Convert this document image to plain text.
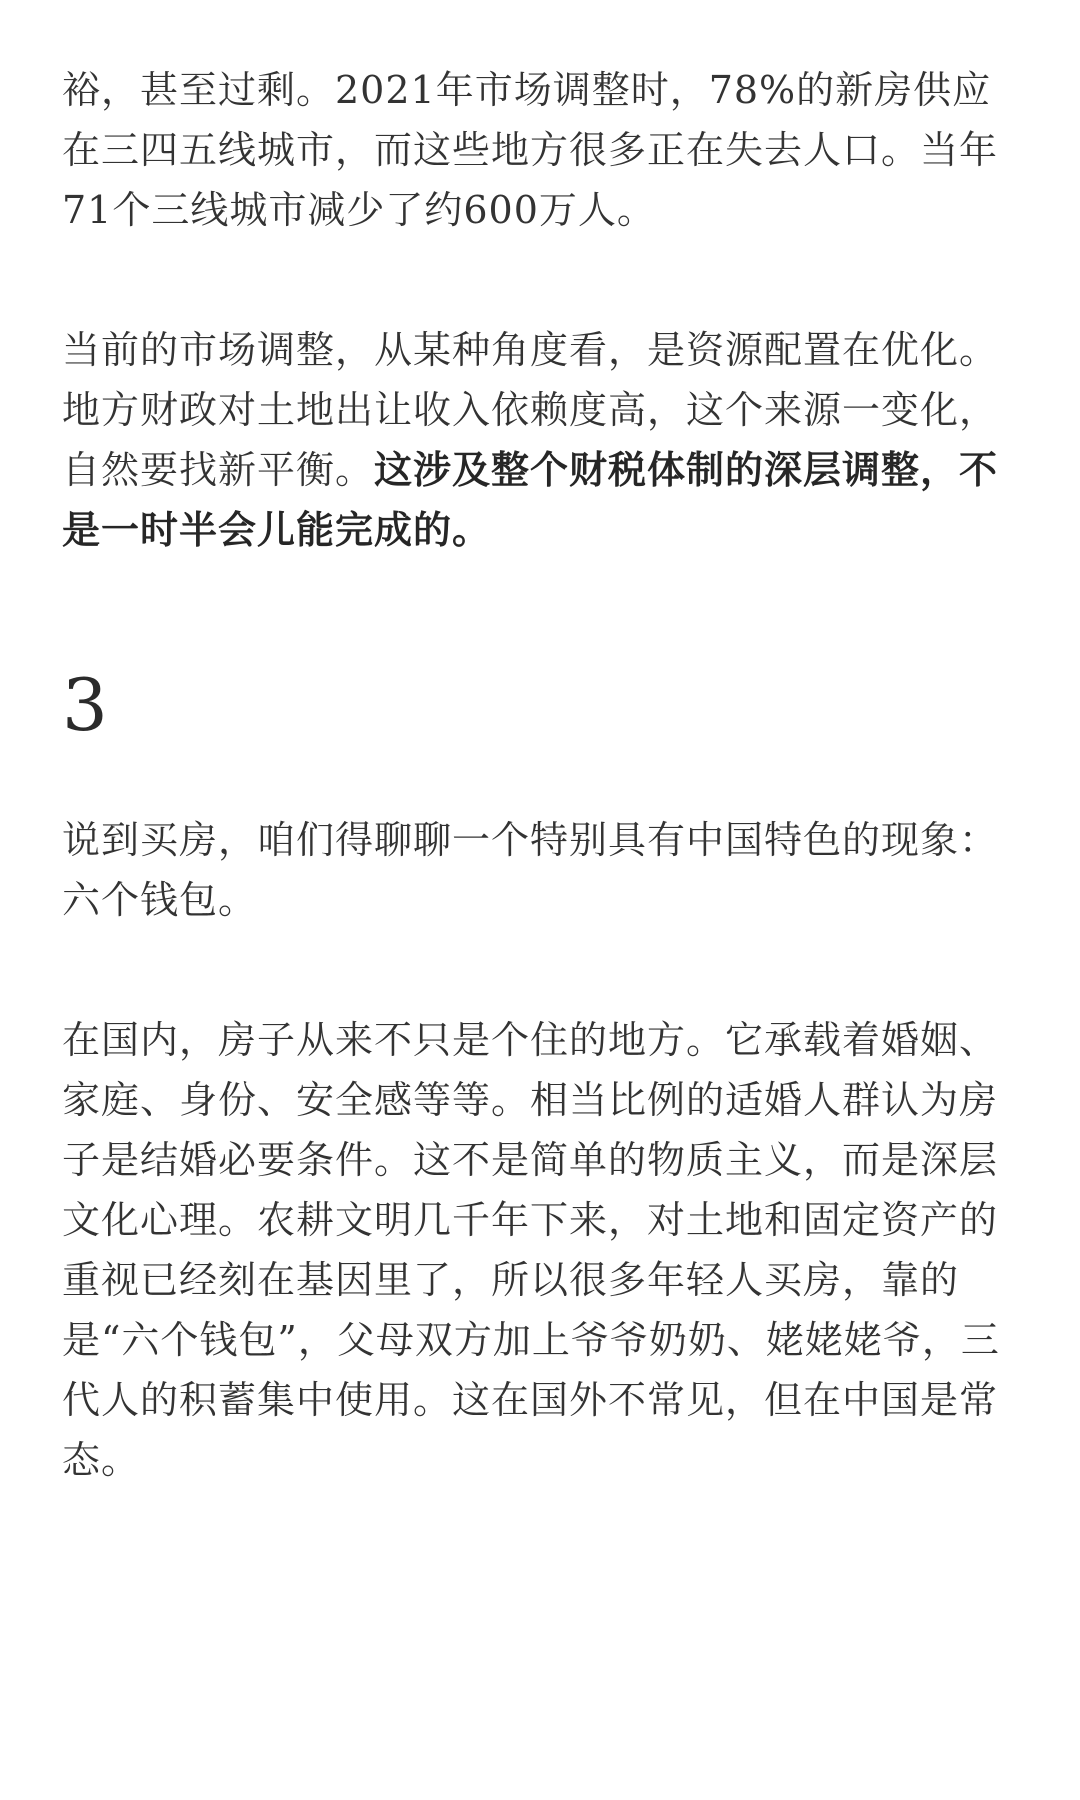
裕，甚至过剩。2021年市场调整时，78%的新房供应在三四五线城市，而这些地方很多正在失去人口。当年71个三线城市减少了约600万人。

当前的市场调整，从某种角度看，是资源配置在优化。地方财政对土地出让收入依赖度高，这个来源一变化，自然要找新平衡。这涉及整个财税体制的深层调整，不是一时半会儿能完成的。

3

说到买房，咱们得聊聊一个特别具有中国特色的现象：六个钱包。

在国内，房子从来不只是个住的地方。它承载着婚姻、家庭、身份、安全感等等。相当比例的适婚人群认为房子是结婚必要条件。这不是简单的物质主义，而是深层文化心理。农耕文明几千年下来，对土地和固定资产的重视已经刻在基因里了，所以很多年轻人买房，靠的是“六个钱包”，父母双方加上爷爷奶奶、姥姥姥爷，三代人的积蓄集中使用。这在国外不常见，但在中国是常态。
